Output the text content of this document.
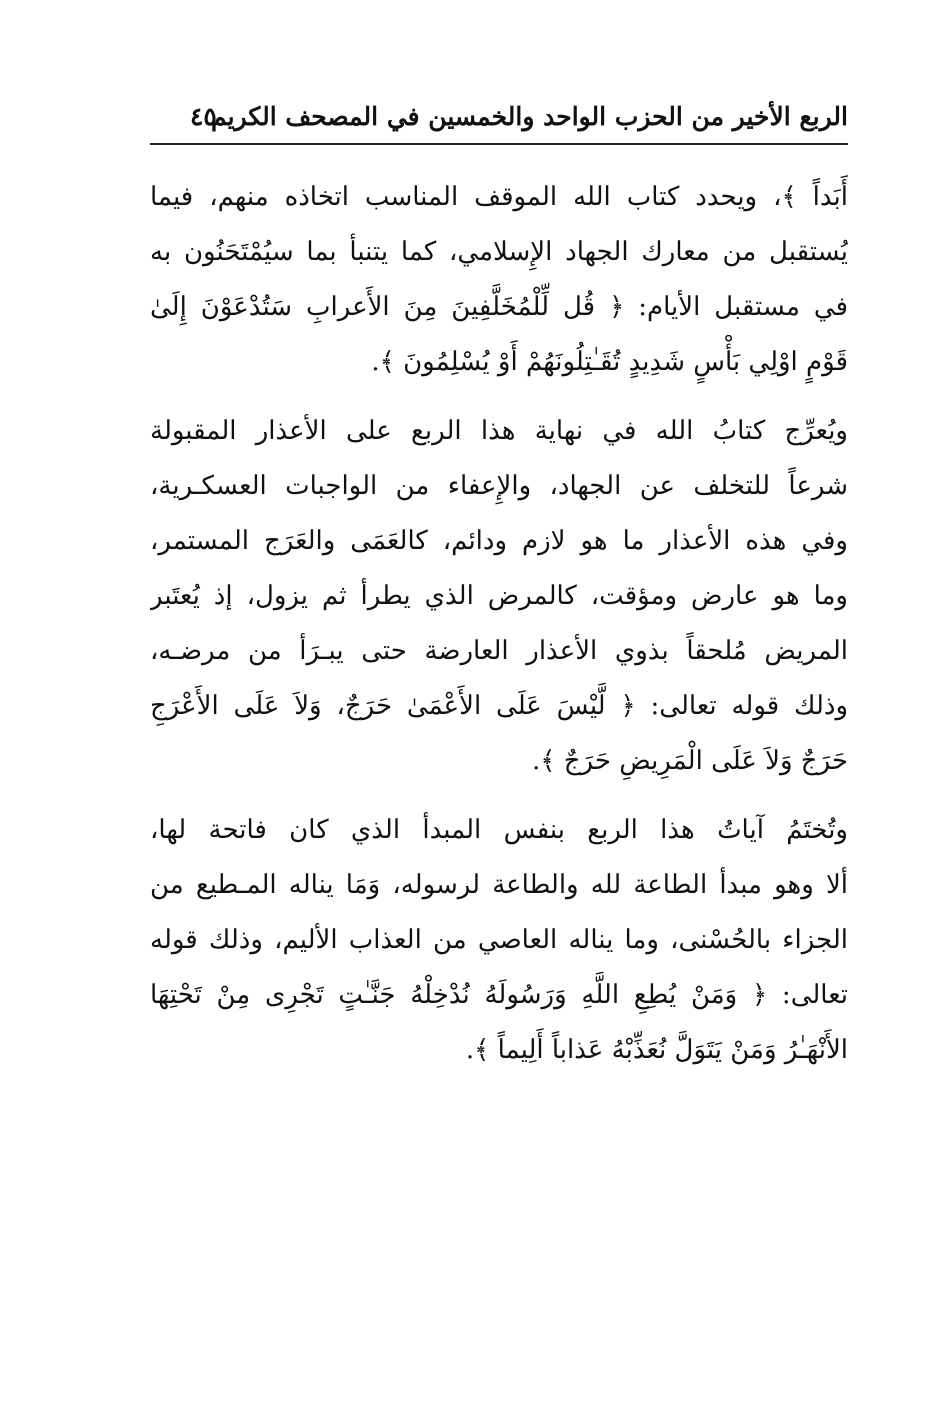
الربع الأخير من الحزب الواحد والخمسين في المصحف الكريم
٤٥
أَبَداً ﴾، ويحدد كتاب الله الموقف المناسب اتخاذه منهم، فيما
يُستقبل من معارك الجهاد الإِسلامي، كما يتنبأ بما سيُمْتَحَنُون به
في مستقبل الأيام: ﴿ قُل لِّلْمُخَلَّفِينَ مِنَ الأَعرابِ سَتُدْعَوْنَ إِلَىٰ
قَوْمٍ اوْلِي بَأْسٍ شَدِيدٍ تُقَـٰتِلُونَهُمْ أَوْ يُسْلِمُونَ ﴾.
ويُعرِّج كتابُ الله في نهاية هذا الربع على الأعذار المقبولة
شرعاً للتخلف عن الجهاد، والإِعفاء من الواجبات العسكـرية،
وفي هذه الأعذار ما هو لازم ودائم، كالعَمَى والعَرَج المستمر،
وما هو عارض ومؤقت، كالمرض الذي يطرأ ثم يزول، إذ يُعتَبر
المريض مُلحقاً بذوي الأعذار العارضة حتى يبـرَأ من مرضـه،
وذلك قوله تعالى: ﴿ لَّيْسَ عَلَى الأَعْمَىٰ حَرَجٌ، وَلاَ عَلَى الأَعْرَجِ
حَرَجٌ وَلاَ عَلَى الْمَرِيضِ حَرَجٌ ﴾.
وتُختَمُ آياتُ هذا الربع بنفس المبدأ الذي كان فاتحة لها،
ألا وهو مبدأ الطاعة لله والطاعة لرسوله، وَمَا يناله المـطيع من
الجزاء بالحُسْنى، وما يناله العاصي من العذاب الأليم، وذلك قوله
تعالى: ﴿ وَمَنْ يُطِعِ اللَّهِ وَرَسُولَهُ نُدْخِلْهُ جَنَّـٰتٍ تَجْرِى مِنْ تَحْتِهَا
الأَنْهَـٰرُ وَمَنْ يَتَوَلَّ نُعَذِّبْهُ عَذاباً أَلِيماً ﴾.
